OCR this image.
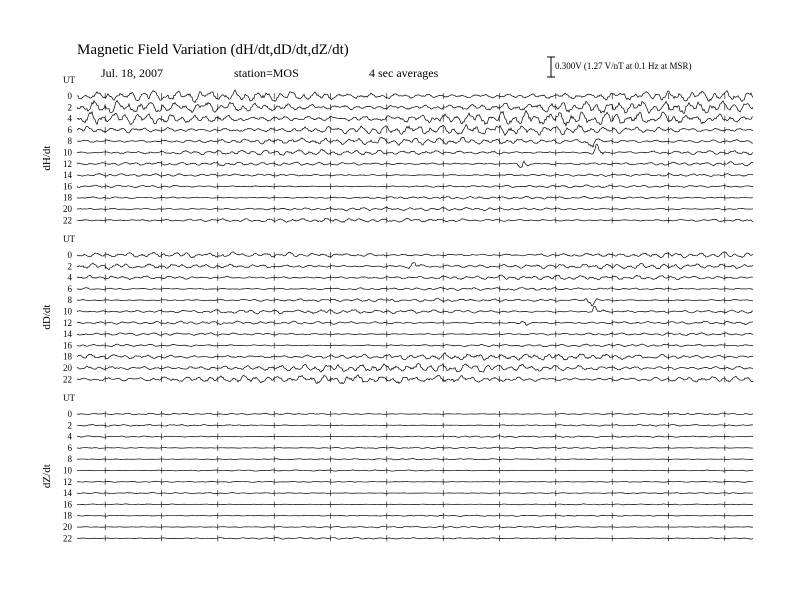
Magnetic Field Variation (dH/dt,dD/dt,dZ/dt)
Jul. 18, 2007	station=MOS	4 sec averages	0.300V (1.27 V/nT at 0.1 Hz at MSR)
UT
dH/dt
0
2
4
6
8
10
12
14
16
18
20
22
UT
dD/dt
0
2
4
6
8
10
12
14
16
18
20
22
UT
dZ/dt
0
2
4
6
8
10
12
14
16
18
20
22
